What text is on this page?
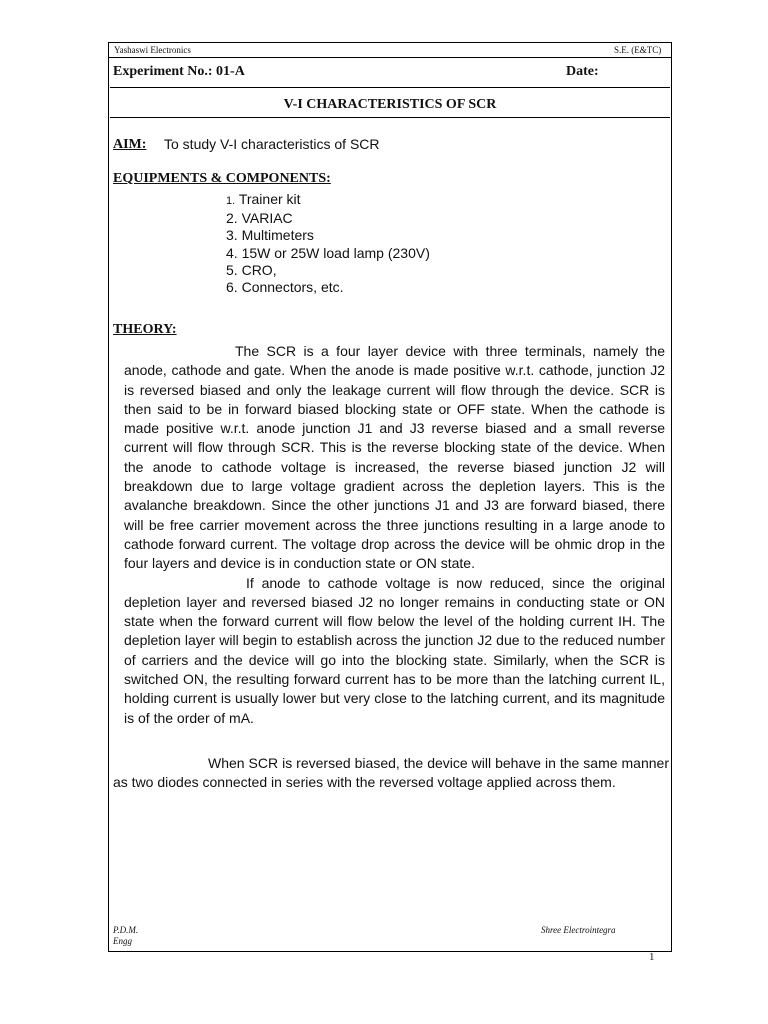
Yashaswi Electronics	S.E. (E&TC)
Experiment No.: 01-A	Date:
V-I CHARACTERISTICS OF SCR
AIM: To study V-I characteristics of SCR
EQUIPMENTS & COMPONENTS:
1. Trainer kit
2. VARIAC
3. Multimeters
4. 15W or 25W load lamp (230V)
5. CRO,
6. Connectors, etc.
THEORY:

The SCR is a four layer device with three terminals, namely the anode, cathode and gate. When the anode is made positive w.r.t. cathode, junction J2 is reversed biased and only the leakage current will flow through the device. SCR is then said to be in forward biased blocking state or OFF state. When the cathode is made positive w.r.t. anode junction J1 and J3 reverse biased and a small reverse current will flow through SCR. This is the reverse blocking state of the device. When the anode to cathode voltage is increased, the reverse biased junction J2 will breakdown due to large voltage gradient across the depletion layers. This is the avalanche breakdown. Since the other junctions J1 and J3 are forward biased, there will be free carrier movement across the three junctions resulting in a large anode to cathode forward current. The voltage drop across the device will be ohmic drop in the four layers and device is in conduction state or ON state.

If anode to cathode voltage is now reduced, since the original depletion layer and reversed biased J2 no longer remains in conducting state or ON state when the forward current will flow below the level of the holding current IH. The depletion layer will begin to establish across the junction J2 due to the reduced number of carriers and the device will go into the blocking state. Similarly, when the SCR is switched ON, the resulting forward current has to be more than the latching current IL, holding current is usually lower but very close to the latching current, and its magnitude is of the order of mA.

When SCR is reversed biased, the device will behave in the same manner as two diodes connected in series with the reversed voltage applied across them.

P.D.M.
Engg
Shree Electrointegra
1
